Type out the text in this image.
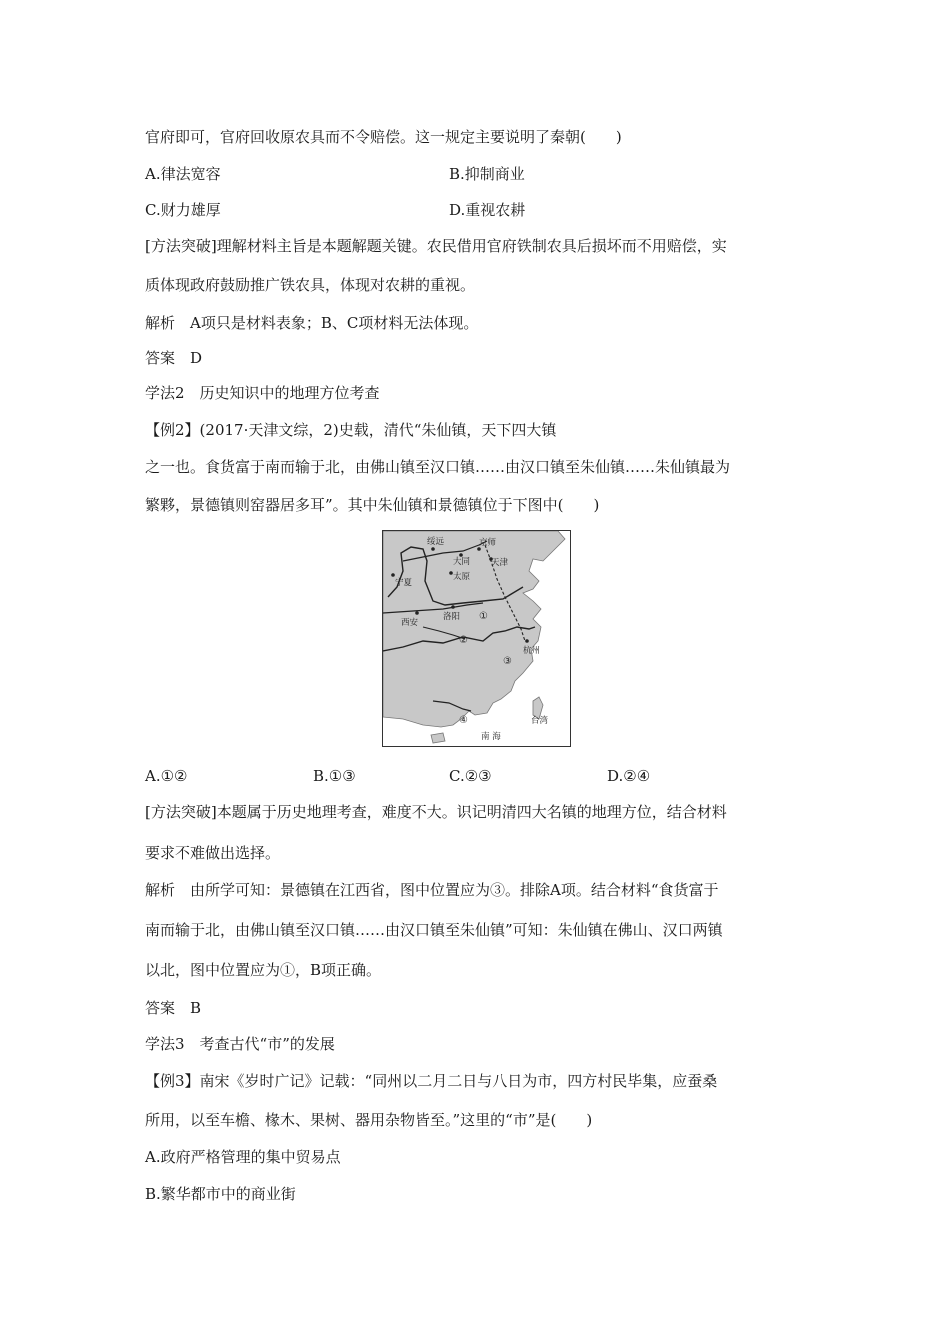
官府即可，官府回收原农具而不令赔偿。这一规定主要说明了秦朝(　　)
A.律法宽容	B.抑制商业
C.财力雄厚	D.重视农耕
[方法突破]理解材料主旨是本题解题关键。农民借用官府铁制农具后损坏而不用赔偿，实
质体现政府鼓励推广铁农具，体现对农耕的重视。
解析　A项只是材料表象；B、C项材料无法体现。
答案　D
学法2　历史知识中的地理方位考查
【例2】(2017·天津文综，2)史载，清代“朱仙镇，天下四大镇
之一也。食货富于南而输于北，由佛山镇至汉口镇……由汉口镇至朱仙镇……朱仙镇最为
繁夥，景德镇则窑器居多耳”。其中朱仙镇和景德镇位于下图中(　　)
绥远	京师
大同 天津
宁夏
太原
西安
洛阳
杭州
台湾
南 海
①
②
③
④
A.①②	B.①③	C.②③	D.②④
[方法突破]本题属于历史地理考查，难度不大。识记明清四大名镇的地理方位，结合材料
要求不难做出选择。
解析　由所学可知：景德镇在江西省，图中位置应为③。排除A项。结合材料“食货富于
南而输于北，由佛山镇至汉口镇……由汉口镇至朱仙镇”可知：朱仙镇在佛山、汉口两镇
以北，图中位置应为①，B项正确。
答案　B
学法3　考查古代“市”的发展
【例3】南宋《岁时广记》记载：“同州以二月二日与八日为市，四方村民毕集，应蚕桑
所用，以至车檐、椽木、果树、器用杂物皆至。”这里的“市”是(　　)
A.政府严格管理的集中贸易点
B.繁华都市中的商业街
